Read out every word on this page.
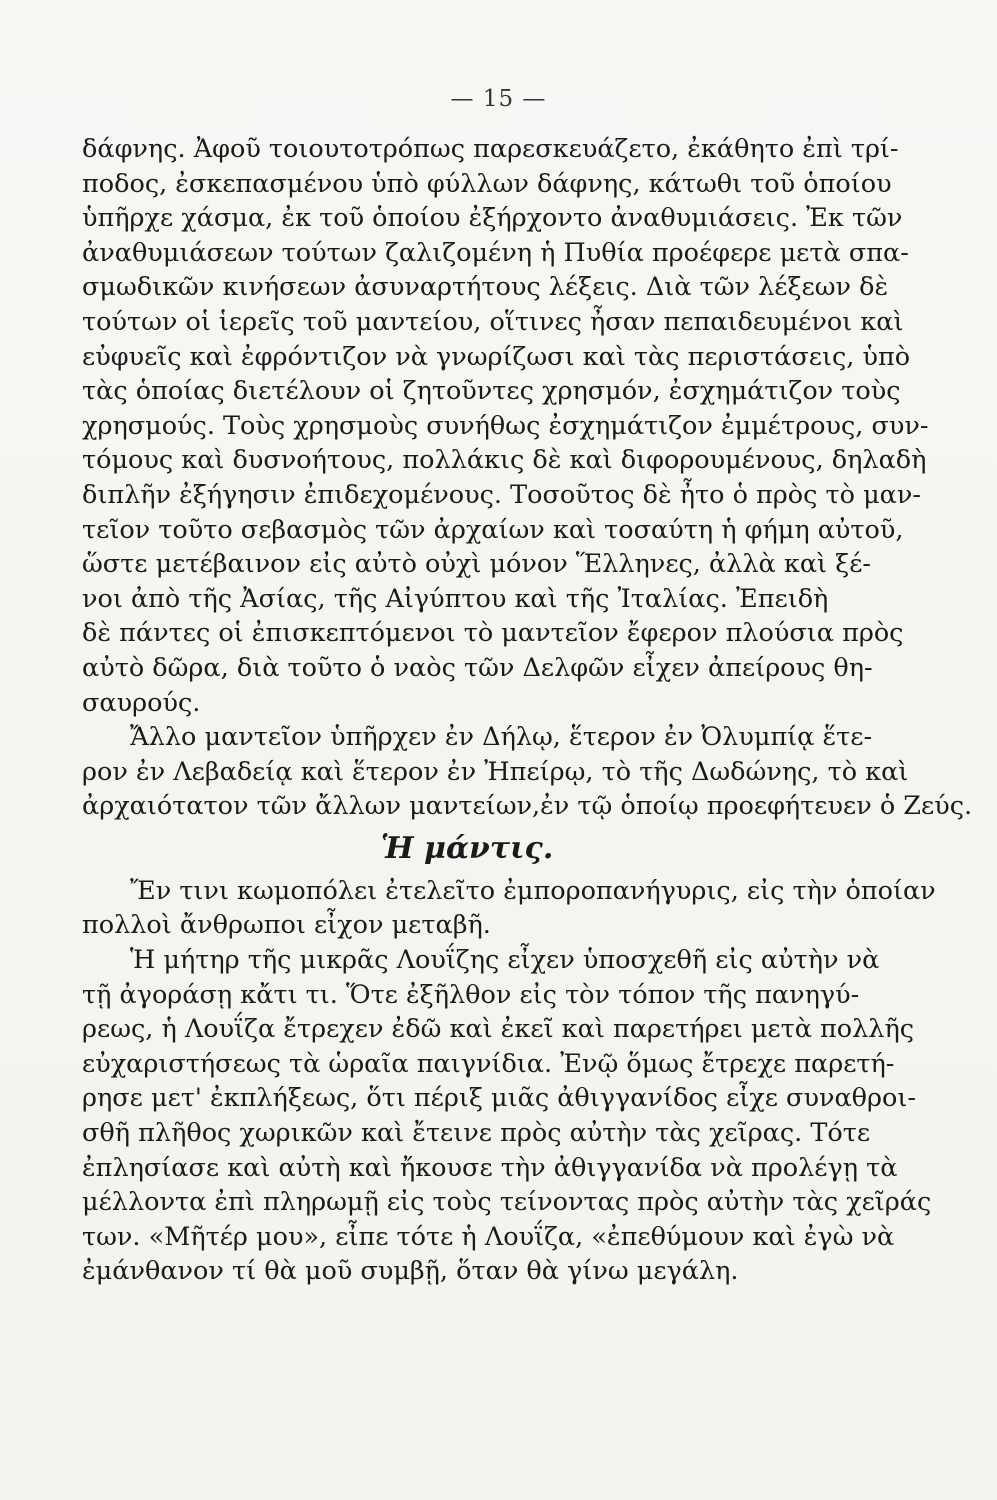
— 15 —
δάφνης. Ἀφοῦ τοιουτοτρόπως παρεσκευάζετο, ἐκάθητο ἐπὶ τρί-
ποδος, ἐσκεπασμένου ὑπὸ φύλλων δάφνης, κάτωθι τοῦ ὁποίου
ὑπῆρχε χάσμα, ἐκ τοῦ ὁποίου ἐξήρχοντο ἀναθυμιάσεις. Ἐκ τῶν
ἀναθυμιάσεων τούτων ζαλιζομένη ἡ Πυθία προέφερε μετὰ σπα-
σμωδικῶν κινήσεων ἀσυναρτήτους λέξεις. Διὰ τῶν λέξεων δὲ
τούτων οἱ ἱερεῖς τοῦ μαντείου, οἵτινες ἦσαν πεπαιδευμένοι καὶ
εὐφυεῖς καὶ ἐφρόντιζον νὰ γνωρίζωσι καὶ τὰς περιστάσεις, ὑπὸ
τὰς ὁποίας διετέλουν οἱ ζητοῦντες χρησμόν, ἐσχημάτιζον τοὺς
χρησμούς. Τοὺς χρησμοὺς συνήθως ἐσχημάτιζον ἐμμέτρους, συν-
τόμους καὶ δυσνοήτους, πολλάκις δὲ καὶ διφορουμένους, δηλαδὴ
διπλῆν ἐξήγησιν ἐπιδεχομένους. Τοσοῦτος δὲ ἦτο ὁ πρὸς τὸ μαν-
τεῖον τοῦτο σεβασμὸς τῶν ἀρχαίων καὶ τοσαύτη ἡ φήμη αὐτοῦ,
ὥστε μετέβαινον εἰς αὐτὸ οὐχὶ μόνον Ἕλληνες, ἀλλὰ καὶ ξέ-
νοι ἀπὸ τῆς Ἀσίας, τῆς Αἰγύπτου καὶ τῆς Ἰταλίας. Ἐπειδὴ
δὲ πάντες οἱ ἐπισκεπτόμενοι τὸ μαντεῖον ἔφερον πλούσια πρὸς
αὐτὸ δῶρα, διὰ τοῦτο ὁ ναὸς τῶν Δελφῶν εἶχεν ἀπείρους θη-
σαυρούς.
Ἄλλο μαντεῖον ὑπῆρχεν ἐν Δήλῳ, ἕτερον ἐν Ὀλυμπίᾳ ἕτε-
ρον ἐν Λεβαδείᾳ καὶ ἕτερον ἐν Ἠπείρῳ, τὸ τῆς Δωδώνης, τὸ καὶ
ἀρχαιότατον τῶν ἄλλων μαντείων,ἐν τῷ ὁποίῳ προεφήτευεν ὁ Ζεύς.
Ἡ μάντις.
Ἔν τινι κωμοπόλει ἐτελεῖτο ἐμποροπανήγυρις, εἰς τὴν ὁποίαν
πολλοὶ ἄνθρωποι εἶχον μεταβῆ.
Ἡ μήτηρ τῆς μικρᾶς Λουΐζης εἶχεν ὑποσχεθῆ εἰς αὐτὴν νὰ
τῇ ἀγοράσῃ κἄτι τι. Ὅτε ἐξῆλθον εἰς τὸν τόπον τῆς πανηγύ-
ρεως, ἡ Λουΐζα ἔτρεχεν ἐδῶ καὶ ἐκεῖ καὶ παρετήρει μετὰ πολλῆς
εὐχαριστήσεως τὰ ὡραῖα παιγνίδια. Ἐνῷ ὅμως ἔτρεχε παρετή-
ρησε μετ' ἐκπλήξεως, ὅτι πέριξ μιᾶς ἀθιγγανίδος εἶχε συναθροι-
σθῆ πλῆθος χωρικῶν καὶ ἔτεινε πρὸς αὐτὴν τὰς χεῖρας. Τότε
ἐπλησίασε καὶ αὐτὴ καὶ ἤκουσε τὴν ἀθιγγανίδα νὰ προλέγῃ τὰ
μέλλοντα ἐπὶ πληρωμῇ εἰς τοὺς τείνοντας πρὸς αὐτὴν τὰς χεῖράς
των. «Μῆτέρ μου», εἶπε τότε ἡ Λουΐζα, «ἐπεθύμουν καὶ ἐγὼ νὰ
ἐμάνθανον τί θὰ μοῦ συμβῇ, ὅταν θὰ γίνω μεγάλη.
